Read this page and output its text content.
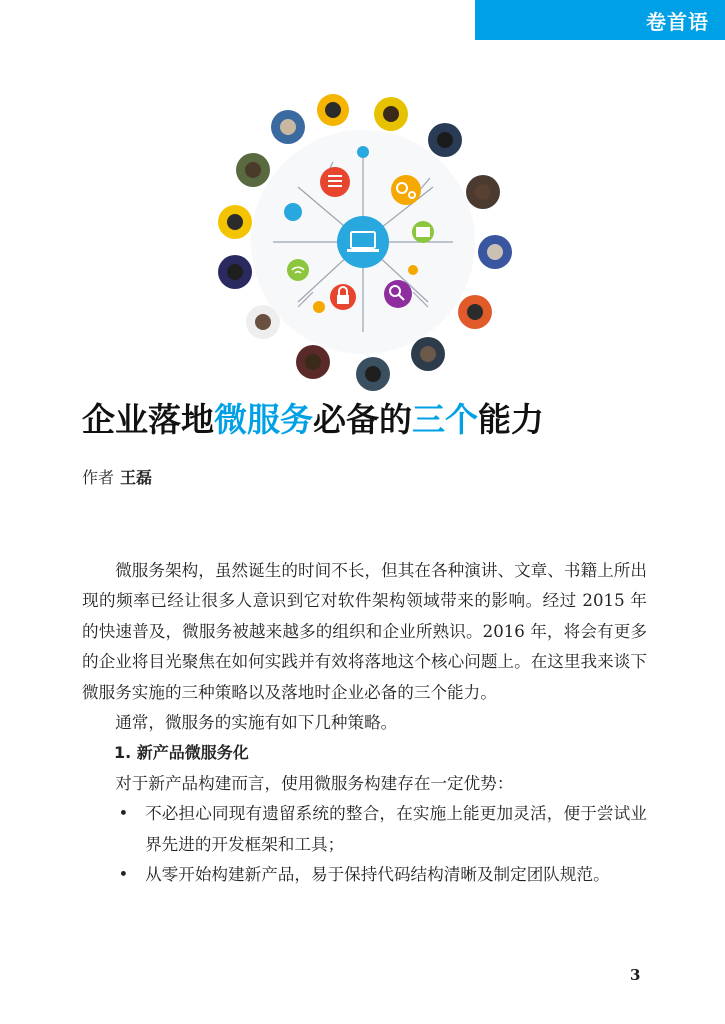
卷首语
企业落地微服务必备的三个能力
作者 王磊

微服务架构，虽然诞生的时间不长，但其在各种演讲、文章、书籍上所出现的频率已经让很多人意识到它对软件架构领域带来的影响。经过 2015 年的快速普及，微服务被越来越多的组织和企业所熟识。2016 年，将会有更多的企业将目光聚焦在如何实践并有效将落地这个核心问题上。在这里我来谈下微服务实施的三种策略以及落地时企业必备的三个能力。

通常，微服务的实施有如下几种策略。

1. 新产品微服务化

对于新产品构建而言，使用微服务构建存在一定优势：

• 不必担心同现有遗留系统的整合，在实施上能更加灵活，便于尝试业界先进的开发框架和工具；
• 从零开始构建新产品，易于保持代码结构清晰及制定团队规范。
3
